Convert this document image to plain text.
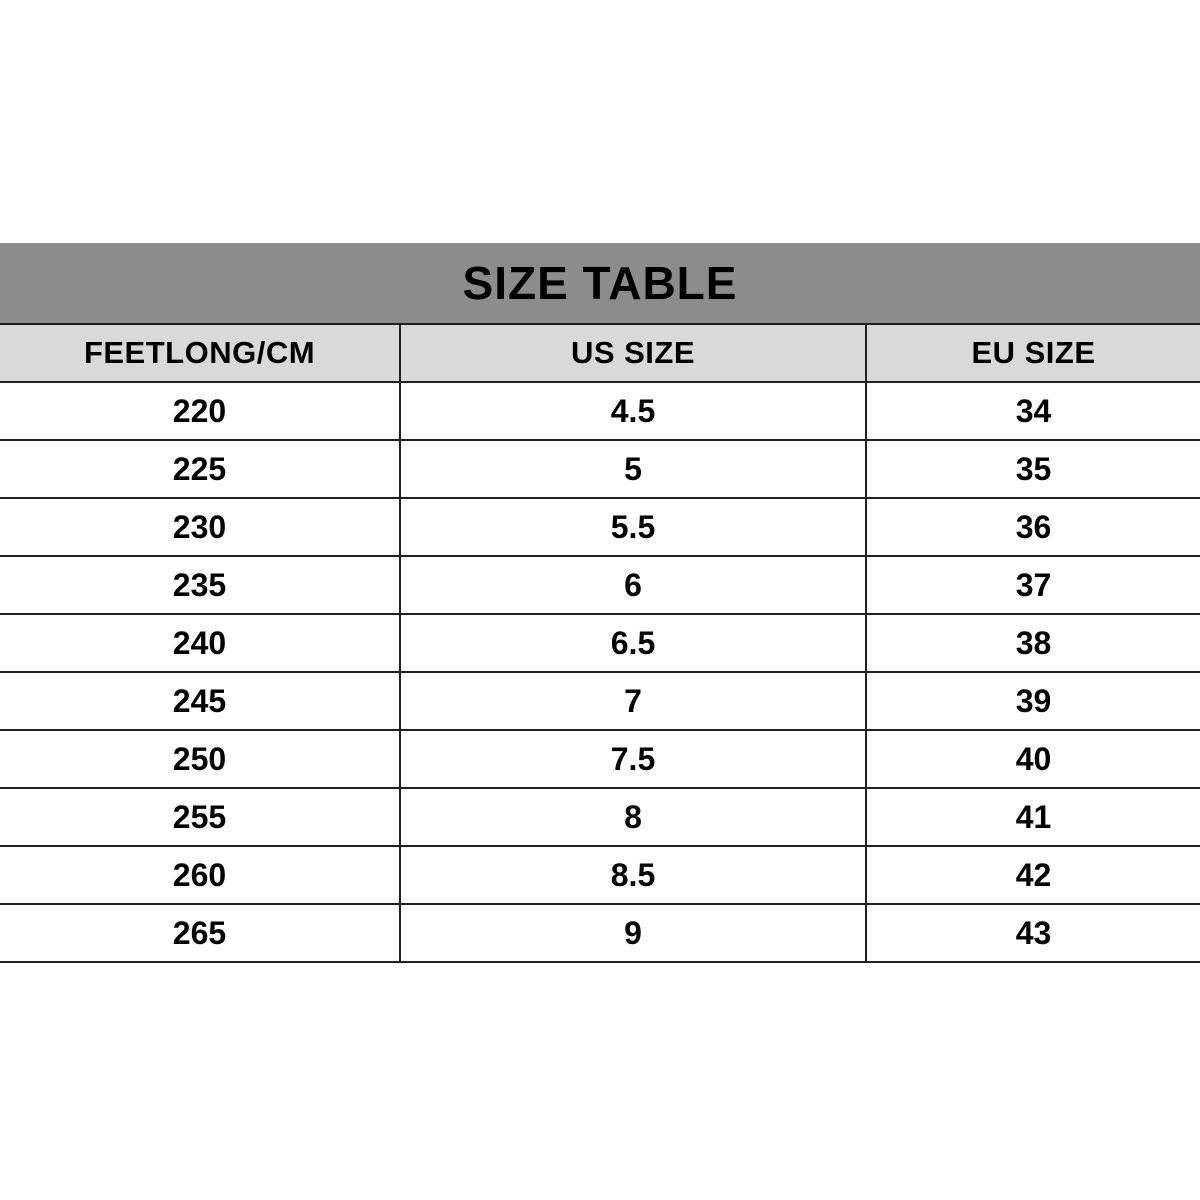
SIZE TABLE		
FEETLONG/CM	US SIZE	EU SIZE
220	4.5	34
225	5	35
230	5.5	36
235	6	37
240	6.5	38
245	7	39
250	7.5	40
255	8	41
260	8.5	42
265	9	43
